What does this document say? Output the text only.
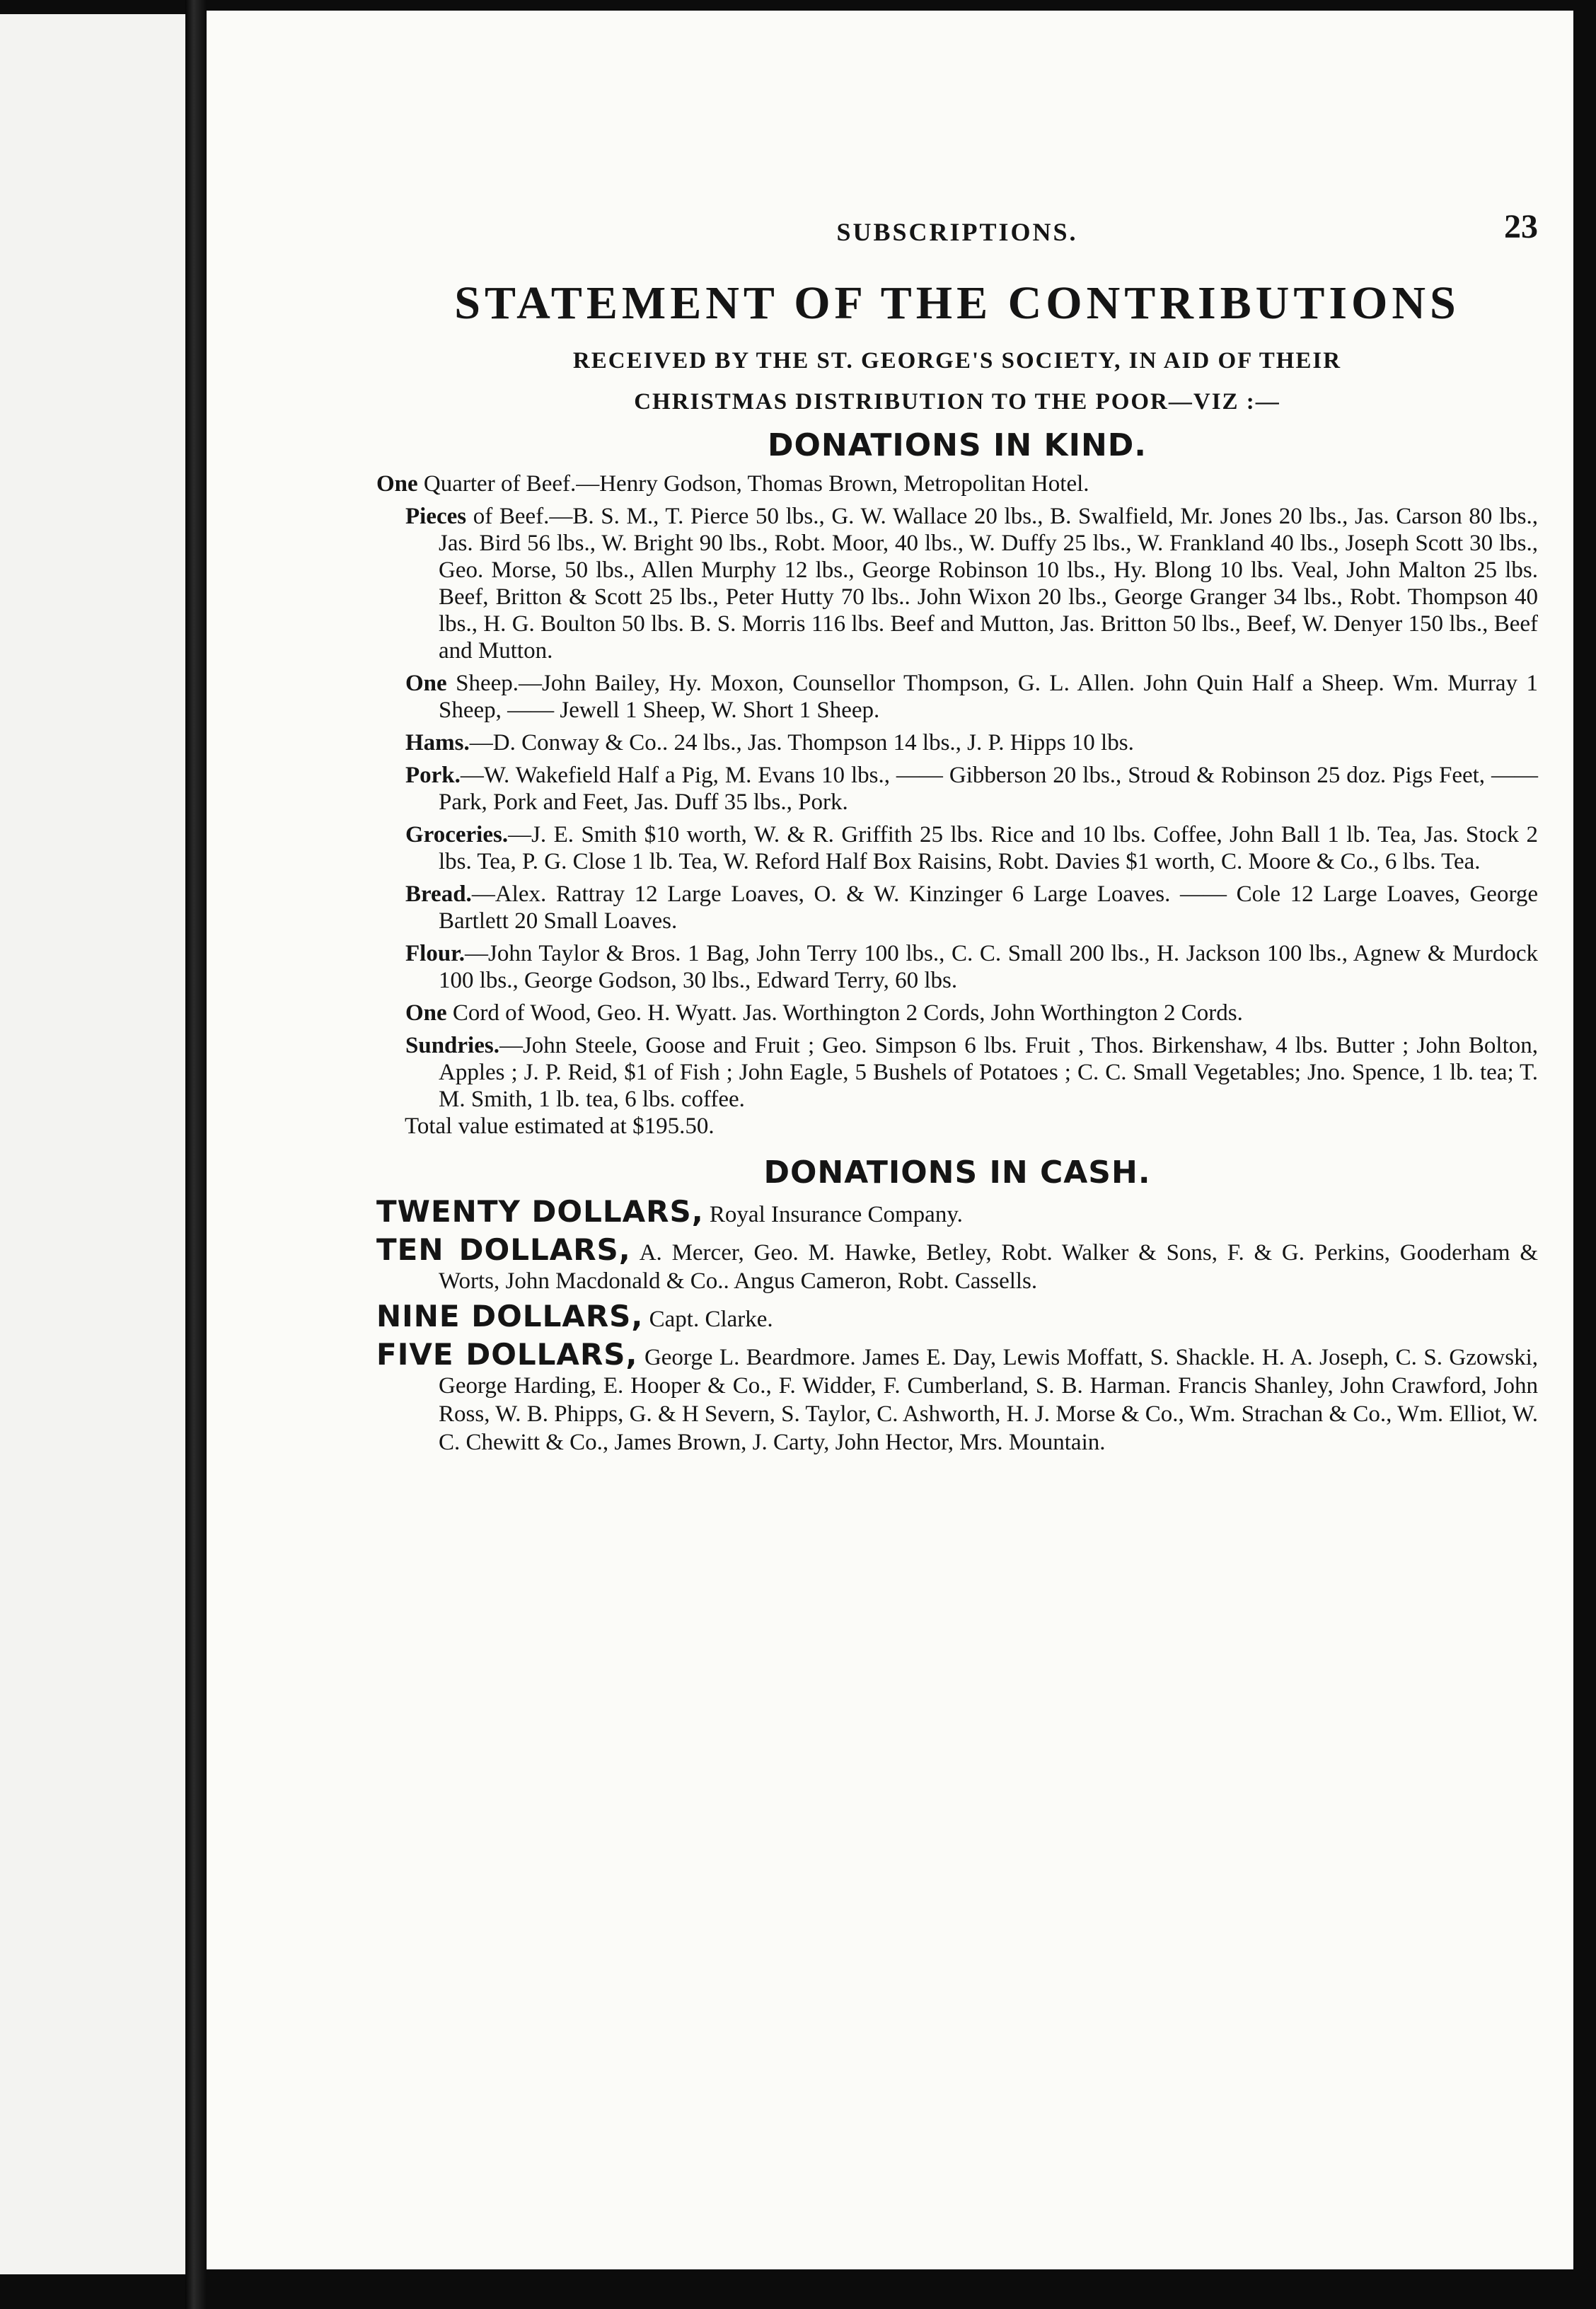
SUBSCRIPTIONS.	23
STATEMENT OF THE CONTRIBUTIONS
RECEIVED BY THE ST. GEORGE'S SOCIETY, IN AID OF THEIR
CHRISTMAS DISTRIBUTION TO THE POOR—VIZ :—
DONATIONS IN KIND.

One Quarter of Beef.—Henry Godson, Thomas Brown, Metropolitan Hotel.

Pieces of Beef.—B. S. M., T. Pierce 50 lbs., G. W. Wallace 20 lbs., B. Swalfield, Mr. Jones 20 lbs., Jas. Carson 80 lbs., Jas. Bird 56 lbs., W. Bright 90 lbs., Robt. Moor, 40 lbs., W. Duffy 25 lbs., W. Frankland 40 lbs., Joseph Scott 30 lbs., Geo. Morse, 50 lbs., Allen Murphy 12 lbs., George Robinson 10 lbs., Hy. Blong 10 lbs. Veal, John Malton 25 lbs. Beef, Britton & Scott 25 lbs., Peter Hutty 70 lbs.. John Wixon 20 lbs., George Granger 34 lbs., Robt. Thompson 40 lbs., H. G. Boulton 50 lbs. B. S. Morris 116 lbs. Beef and Mutton, Jas. Britton 50 lbs., Beef, W. Denyer 150 lbs., Beef and Mutton.

One Sheep.—John Bailey, Hy. Moxon, Counsellor Thompson, G. L. Allen. John Quin Half a Sheep. Wm. Murray 1 Sheep, —— Jewell 1 Sheep, W. Short 1 Sheep.

Hams.—D. Conway & Co.. 24 lbs., Jas. Thompson 14 lbs., J. P. Hipps 10 lbs.

Pork.—W. Wakefield Half a Pig, M. Evans 10 lbs., —— Gibberson 20 lbs., Stroud & Robinson 25 doz. Pigs Feet, —— Park, Pork and Feet, Jas. Duff 35 lbs., Pork.

Groceries.—J. E. Smith $10 worth, W. & R. Griffith 25 lbs. Rice and 10 lbs. Coffee, John Ball 1 lb. Tea, Jas. Stock 2 lbs. Tea, P. G. Close 1 lb. Tea, W. Reford Half Box Raisins, Robt. Davies $1 worth, C. Moore & Co., 6 lbs. Tea.

Bread.—Alex. Rattray 12 Large Loaves, O. & W. Kinzinger 6 Large Loaves. —— Cole 12 Large Loaves, George Bartlett 20 Small Loaves.

Flour.—John Taylor & Bros. 1 Bag, John Terry 100 lbs., C. C. Small 200 lbs., H. Jackson 100 lbs., Agnew & Murdock 100 lbs., George Godson, 30 lbs., Edward Terry, 60 lbs.

One Cord of Wood, Geo. H. Wyatt. Jas. Worthington 2 Cords, John Worthington 2 Cords.

Sundries.—John Steele, Goose and Fruit ; Geo. Simpson 6 lbs. Fruit , Thos. Birkenshaw, 4 lbs. Butter ; John Bolton, Apples ; J. P. Reid, $1 of Fish ; John Eagle, 5 Bushels of Potatoes ; C. C. Small Vegetables; Jno. Spence, 1 lb. tea; T. M. Smith, 1 lb. tea, 6 lbs. coffee.

Total value estimated at $195.50.

DONATIONS IN CASH.

TWENTY DOLLARS, Royal Insurance Company.

TEN DOLLARS, A. Mercer, Geo. M. Hawke, Betley, Robt. Walker & Sons, F. & G. Perkins, Gooderham & Worts, John Macdonald & Co.. Angus Cameron, Robt. Cassells.

NINE DOLLARS, Capt. Clarke.

FIVE DOLLARS, George L. Beardmore. James E. Day, Lewis Moffatt, S. Shackle. H. A. Joseph, C. S. Gzowski, George Harding, E. Hooper & Co., F. Widder, F. Cumberland, S. B. Harman. Francis Shanley, John Crawford, John Ross, W. B. Phipps, G. & H Severn, S. Taylor, C. Ashworth, H. J. Morse & Co., Wm. Strachan & Co., Wm. Elliot, W. C. Chewitt & Co., James Brown, J. Carty, John Hector, Mrs. Mountain.
